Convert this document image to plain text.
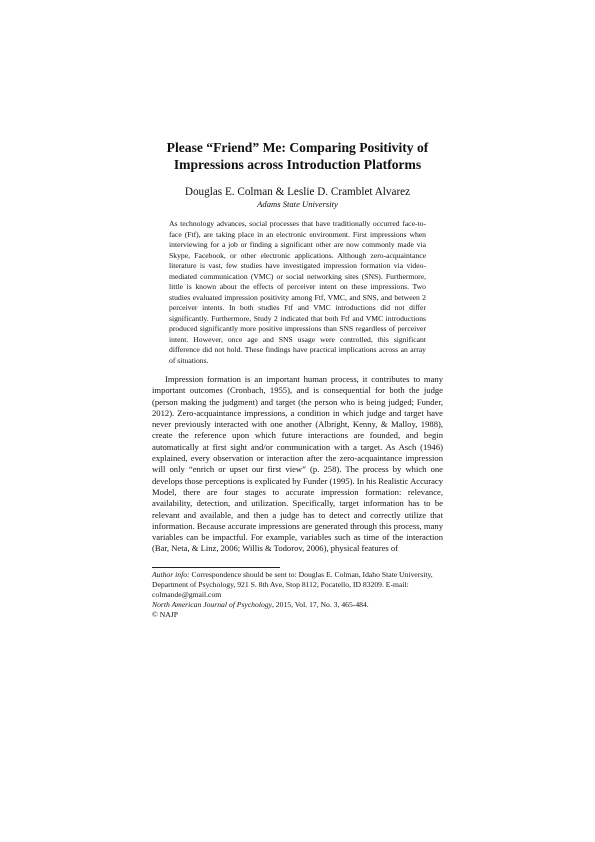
Please “Friend” Me: Comparing Positivity of
Impressions across Introduction Platforms
Douglas E. Colman & Leslie D. Cramblet Alvarez
Adams State University

As technology advances, social processes that have traditionally occurred face-to-face (Ftf), are taking place in an electronic environment. First impressions when interviewing for a job or finding a significant other are now commonly made via Skype, Facebook, or other electronic applications. Although zero-acquaintance literature is vast, few studies have investigated impression formation via video-mediated communication (VMC) or social networking sites (SNS). Furthermore, little is known about the effects of perceiver intent on these impressions. Two studies evaluated impression positivity among Ftf, VMC, and SNS, and between 2 perceiver intents. In both studies Ftf and VMC introductions did not differ significantly. Furthermore, Study 2 indicated that both Ftf and VMC introductions produced significantly more positive impressions than SNS regardless of perceiver intent. However, once age and SNS usage were controlled, this significant difference did not hold. These findings have practical implications across an array of situations.

Impression formation is an important human process, it contributes to many important outcomes (Cronbach, 1955), and is consequential for both the judge (person making the judgment) and target (the person who is being judged; Funder, 2012). Zero-acquaintance impressions, a condition in which judge and target have never previously interacted with one another (Albright, Kenny, & Malloy, 1988), create the reference upon which future interactions are founded, and begin automatically at first sight and/or communication with a target. As Asch (1946) explained, every observation or interaction after the zero-acquaintance impression will only “enrich or upset our first view” (p. 258). The process by which one develops those perceptions is explicated by Funder (1995). In his Realistic Accuracy Model, there are four stages to accurate impression formation: relevance, availability, detection, and utilization. Specifically, target information has to be relevant and available, and then a judge has to detect and correctly utilize that information. Because accurate impressions are generated through this process, many variables can be impactful. For example, variables such as time of the interaction (Bar, Neta, & Linz, 2006; Willis & Todorov, 2006), physical features of

Author info: Correspondence should be sent to: Douglas E. Colman, Idaho State University, Department of Psychology, 921 S. 8th Ave, Stop 8112, Pocatello, ID 83209. E-mail: colmande@gmail.com
North American Journal of Psychology, 2015, Vol. 17, No. 3, 465-484.
© NAJP
